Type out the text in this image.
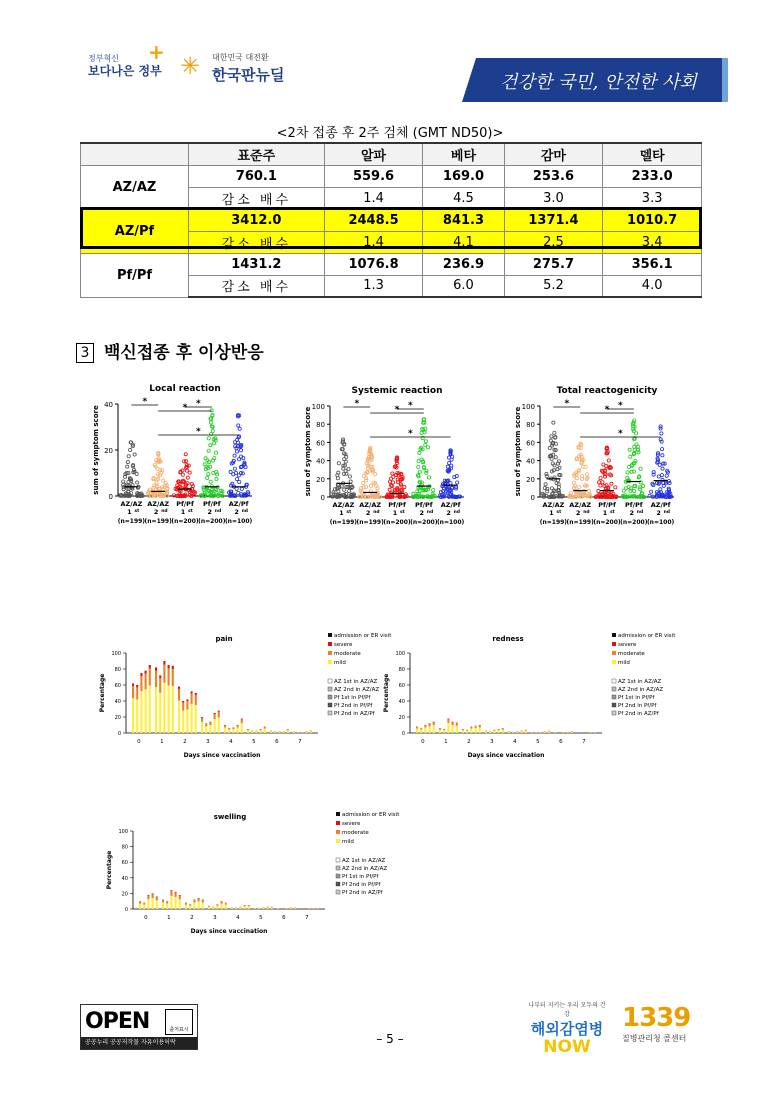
정부혁신
보다나은 정부
+ ✳ 대한민국 대전환
한국판뉴딜	건강한 국민, 안전한 사회
<2차 접종 후 2주 검체 (GMT ND50)>
	표준주	알파	베타	감마	델타
AZ/AZ	760.1	559.6	169.0	253.6	233.0
	감소 배수	1.4	4.5	3.0	3.3
AZ/Pf	3412.0	2448.5	841.3	1371.4	1010.7
	감소 배수	1.4	4.1	2.5	3.4
Pf/Pf	1431.2	1076.8	236.9	275.7	356.1
	감소 배수	1.3	6.0	5.2	4.0
3 백신접종 후 이상반응
Local reaction
0
20
40
sum of symptom score
AZ/AZ
1 st
(n=199)
AZ/AZ
2 nd
(n=199)
Pf/Pf
1 st
(n=200)
Pf/Pf
2 nd
(n=200)
AZ/Pf
2 nd
(n=100)
*
* *
*
Systemic reaction
0
20
40
60
80
100
sum of symptom score
AZ/AZ
1 st
(n=199)
AZ/AZ
2 nd
(n=199)
Pf/Pf
1 st
(n=200)
Pf/Pf
2 nd
(n=200)
AZ/Pf
2 nd
(n=100)
*
* *
*
Total reactogenicity
0
20
40
60
80
100
sum of symptom score
AZ/AZ
1 st
(n=199)
AZ/AZ
2 nd
(n=199)
Pf/Pf
1 st
(n=200)
Pf/Pf
2 nd
(n=200)
AZ/Pf
2 nd
(n=100)
*
* *
*
pain
0
20
40
60
80
100
Percentage
Days since vaccination
0	1	2	3	4	5	6	7
admission or ER visit
severe
moderate
mild
AZ 1st in AZ/AZ
AZ 2nd in AZ/AZ
Pf 1st in Pf/Pf
Pf 2nd in Pf/Pf
Pf 2nd in AZ/Pf
redness
0
20
40
60
80
100
Percentage
Days since vaccination
0	1	2	3	4	5	6	7
admission or ER visit
severe
moderate
mild
AZ 1st in AZ/AZ
AZ 2nd in AZ/AZ
Pf 1st in Pf/Pf
Pf 2nd in Pf/Pf
Pf 2nd in AZ/Pf
swelling
0
20
40
60
80
100
Percentage
Days since vaccination
0	1	2	3	4	5	6	7
admission or ER visit
severe
moderate
mild
AZ 1st in AZ/AZ
AZ 2nd in AZ/AZ
Pf 1st in Pf/Pf
Pf 2nd in Pf/Pf
Pf 2nd in AZ/Pf
OPEN	출처표시
공공누리 공공저작물 자유이용허락	– 5 –
나부터 지키는 우리 모두의 건강
해외감염병
NOW
1339
질병관리청 콜센터
